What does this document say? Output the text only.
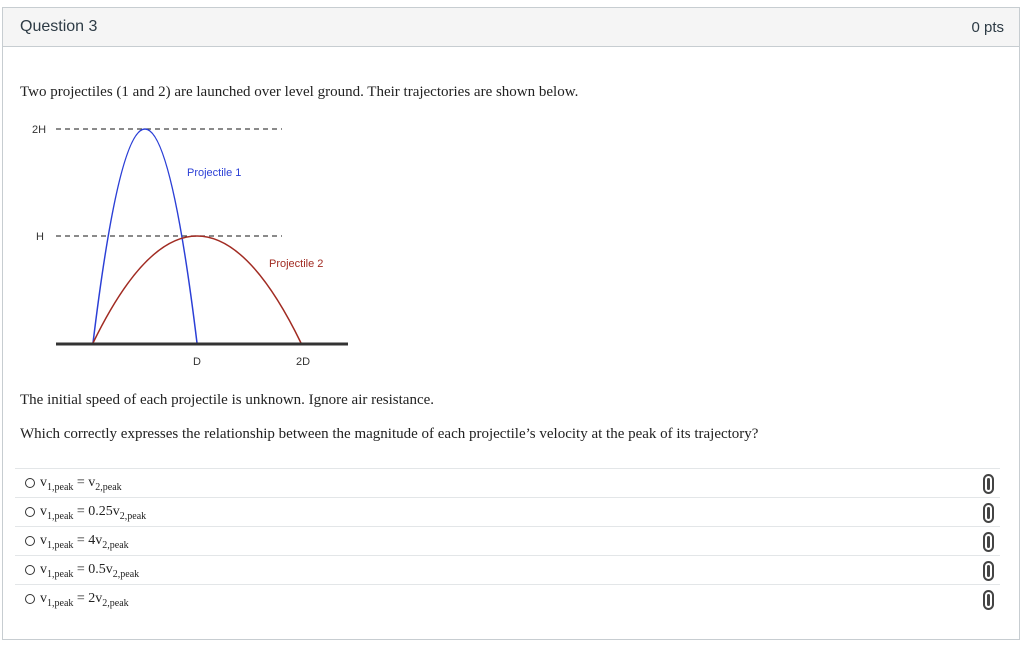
Question 3	0 pts
Two projectiles (1 and 2) are launched over level ground. Their trajectories are shown below.
2H
H
Projectile 1
Projectile 2
D	2D
The initial speed of each projectile is unknown. Ignore air resistance.
Which correctly expresses the relationship between the magnitude of each projectile’s velocity at the peak of its trajectory?
$v_{1,peak} = v_{2,peak}$
$v_{1,peak} = 0.25v_{2,peak}$
$v_{1,peak} = 4v_{2,peak}$
$v_{1,peak} = 0.5v_{2,peak}$
$v_{1,peak} = 2v_{2,peak}$
